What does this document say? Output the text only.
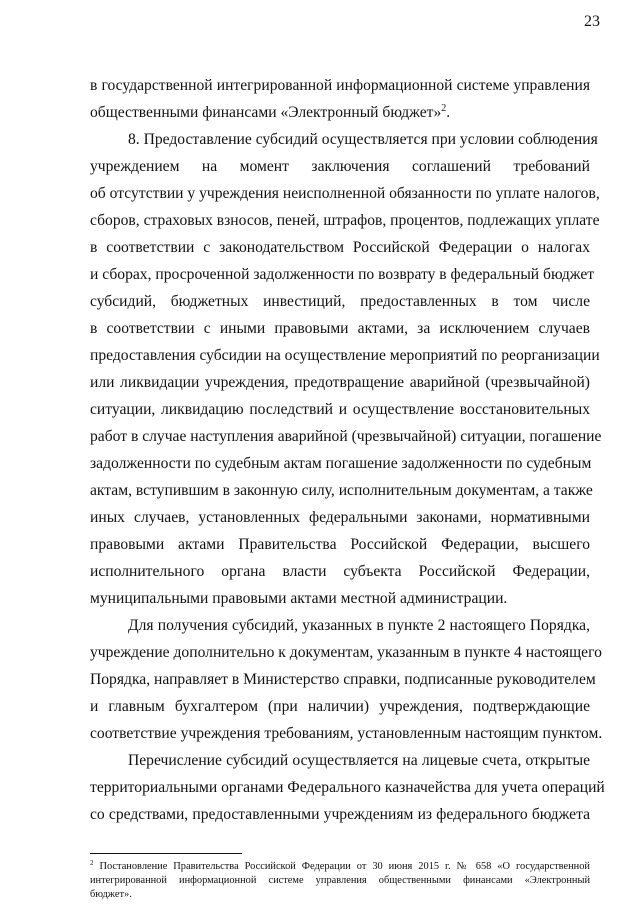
23
в государственной интегрированной информационной системе управления
общественными финансами «Электронный бюджет»$^2$.
8. Предоставление субсидий осуществляется при условии соблюдения
учреждением на момент заключения соглашений требований
об отсутствии у учреждения неисполненной обязанности по уплате налогов,
сборов, страховых взносов, пеней, штрафов, процентов, подлежащих уплате
в соответствии с законодательством Российской Федерации о налогах
и сборах, просроченной задолженности по возврату в федеральный бюджет
субсидий, бюджетных инвестиций, предоставленных в том числе
в соответствии с иными правовыми актами, за исключением случаев
предоставления субсидии на осуществление мероприятий по реорганизации
или ликвидации учреждения, предотвращение аварийной (чрезвычайной)
ситуации, ликвидацию последствий и осуществление восстановительных
работ в случае наступления аварийной (чрезвычайной) ситуации, погашение
задолженности по судебным актам погашение задолженности по судебным
актам, вступившим в законную силу, исполнительным документам, а также
иных случаев, установленных федеральными законами, нормативными
правовыми актами Правительства Российской Федерации, высшего
исполнительного органа власти субъекта Российской Федерации,
муниципальными правовыми актами местной администрации.
Для получения субсидий, указанных в пункте 2 настоящего Порядка,
учреждение дополнительно к документам, указанным в пункте 4 настоящего
Порядка, направляет в Министерство справки, подписанные руководителем
и главным бухгалтером (при наличии) учреждения, подтверждающие
соответствие учреждения требованиям, установленным настоящим пунктом.
Перечисление субсидий осуществляется на лицевые счета, открытые
территориальными органами Федерального казначейства для учета операций
со средствами, предоставленными учреждениям из федерального бюджета
$^2$ Постановление Правительства Российской Федерации от 30 июня 2015 г. № 658 «О государственной
интегрированной информационной системе управления общественными финансами «Электронный
бюджет».
